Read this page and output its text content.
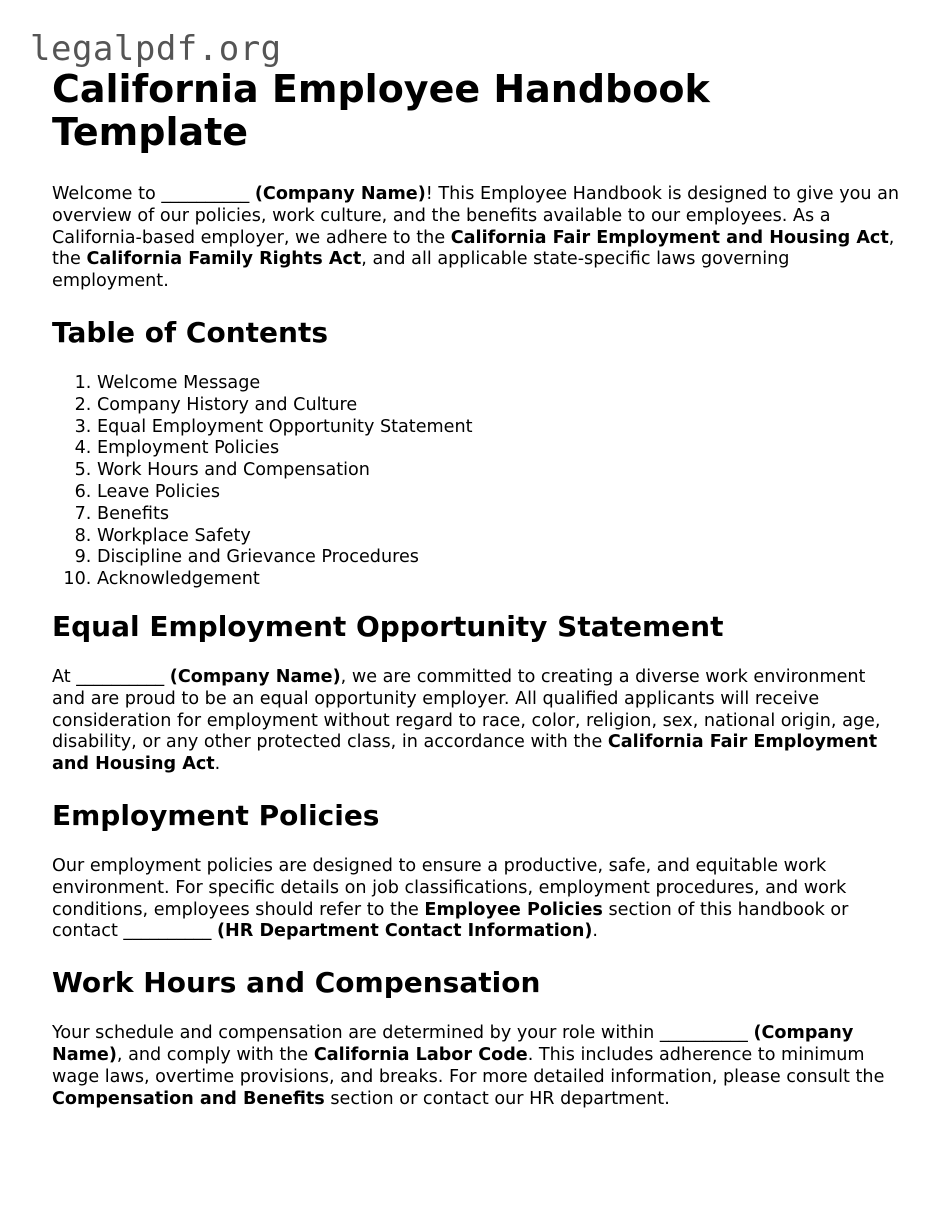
legalpdf.org
California Employee Handbook Template

Welcome to __________ (Company Name)! This Employee Handbook is designed to give you an overview of our policies, work culture, and the benefits available to our employees. As a California-based employer, we adhere to the California Fair Employment and Housing Act, the California Family Rights Act, and all applicable state-specific laws governing employment.

Table of Contents
1. Welcome Message
2. Company History and Culture
3. Equal Employment Opportunity Statement
4. Employment Policies
5. Work Hours and Compensation
6. Leave Policies
7. Benefits
8. Workplace Safety
9. Discipline and Grievance Procedures
10. Acknowledgement
Equal Employment Opportunity Statement

At __________ (Company Name), we are committed to creating a diverse work environment and are proud to be an equal opportunity employer. All qualified applicants will receive consideration for employment without regard to race, color, religion, sex, national origin, age, disability, or any other protected class, in accordance with the California Fair Employment and Housing Act.

Employment Policies

Our employment policies are designed to ensure a productive, safe, and equitable work environment. For specific details on job classifications, employment procedures, and work conditions, employees should refer to the Employee Policies section of this handbook or contact __________ (HR Department Contact Information).

Work Hours and Compensation

Your schedule and compensation are determined by your role within __________ (Company Name), and comply with the California Labor Code. This includes adherence to minimum wage laws, overtime provisions, and breaks. For more detailed information, please consult the Compensation and Benefits section or contact our HR department.
